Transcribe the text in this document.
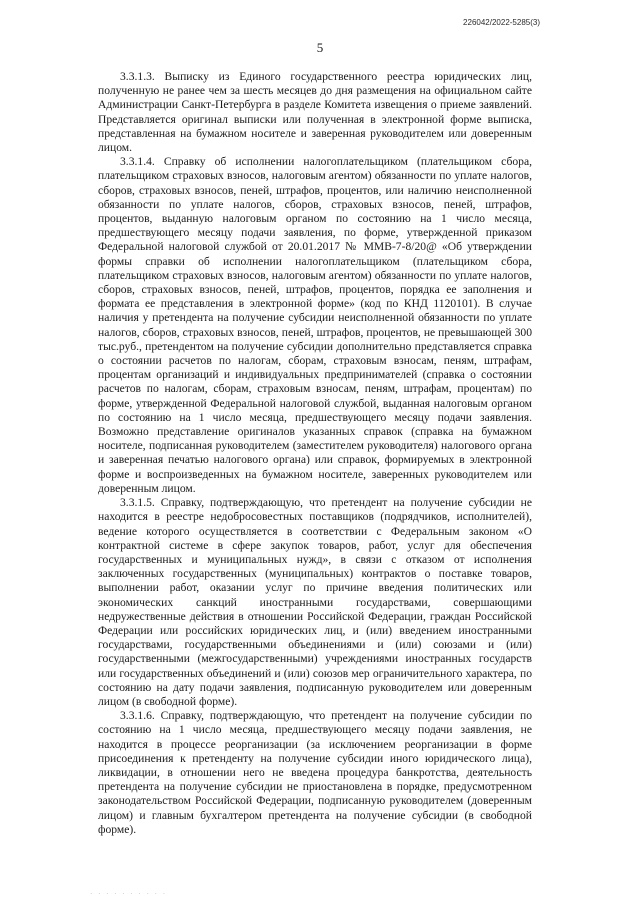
226042/2022-5285(3)
5

3.3.1.3. Выписку из Единого государственного реестра юридических лиц, полученную не ранее чем за шесть месяцев до дня размещения на официальном сайте Администрации Санкт-Петербурга в разделе Комитета извещения о приеме заявлений. Представляется оригинал выписки или полученная в электронной форме выписка, представленная на бумажном носителе и заверенная руководителем или доверенным лицом.

3.3.1.4. Справку об исполнении налогоплательщиком (плательщиком сбора, плательщиком страховых взносов, налоговым агентом) обязанности по уплате налогов, сборов, страховых взносов, пеней, штрафов, процентов, или наличию неисполненной обязанности по уплате налогов, сборов, страховых взносов, пеней, штрафов, процентов, выданную налоговым органом по состоянию на 1 число месяца, предшествующего месяцу подачи заявления, по форме, утвержденной приказом Федеральной налоговой службой от 20.01.2017 № ММВ-7-8/20@ «Об утверждении формы справки об исполнении налогоплательщиком (плательщиком сбора, плательщиком страховых взносов, налоговым агентом) обязанности по уплате налогов, сборов, страховых взносов, пеней, штрафов, процентов, порядка ее заполнения и формата ее представления в электронной форме» (код по КНД 1120101). В случае наличия у претендента на получение субсидии неисполненной обязанности по уплате налогов, сборов, страховых взносов, пеней, штрафов, процентов, не превышающей 300 тыс.руб., претендентом на получение субсидии дополнительно представляется справка о состоянии расчетов по налогам, сборам, страховым взносам, пеням, штрафам, процентам организаций и индивидуальных предпринимателей (справка о состоянии расчетов по налогам, сборам, страховым взносам, пеням, штрафам, процентам) по форме, утвержденной Федеральной налоговой службой, выданная налоговым органом по состоянию на 1 число месяца, предшествующего месяцу подачи заявления. Возможно представление оригиналов указанных справок (справка на бумажном носителе, подписанная руководителем (заместителем руководителя) налогового органа и заверенная печатью налогового органа) или справок, формируемых в электронной форме и воспроизведенных на бумажном носителе, заверенных руководителем или доверенным лицом.

3.3.1.5. Справку, подтверждающую, что претендент на получение субсидии не находится в реестре недобросовестных поставщиков (подрядчиков, исполнителей), ведение которого осуществляется в соответствии с Федеральным законом «О контрактной системе в сфере закупок товаров, работ, услуг для обеспечения государственных и муниципальных нужд», в связи с отказом от исполнения заключенных государственных (муниципальных) контрактов о поставке товаров, выполнении работ, оказании услуг по причине введения политических или экономических санкций иностранными государствами, совершающими недружественные действия в отношении Российской Федерации, граждан Российской Федерации или российских юридических лиц, и (или) введением иностранными государствами, государственными объединениями и (или) союзами и (или) государственными (межгосударственными) учреждениями иностранных государств или государственных объединений и (или) союзов мер ограничительного характера, по состоянию на дату подачи заявления, подписанную руководителем или доверенным лицом (в свободной форме).

3.3.1.6. Справку, подтверждающую, что претендент на получение субсидии по состоянию на 1 число месяца, предшествующего месяцу подачи заявления, не находится в процессе реорганизации (за исключением реорганизации в форме присоединения к претенденту на получение субсидии иного юридического лица), ликвидации, в отношении него не введена процедура банкротства, деятельность претендента на получение субсидии не приостановлена в порядке, предусмотренном законодательством Российской Федерации, подписанную руководителем (доверенным лицом) и главным бухгалтером претендента на получение субсидии (в свободной форме).

· · · · · · · · · ·
